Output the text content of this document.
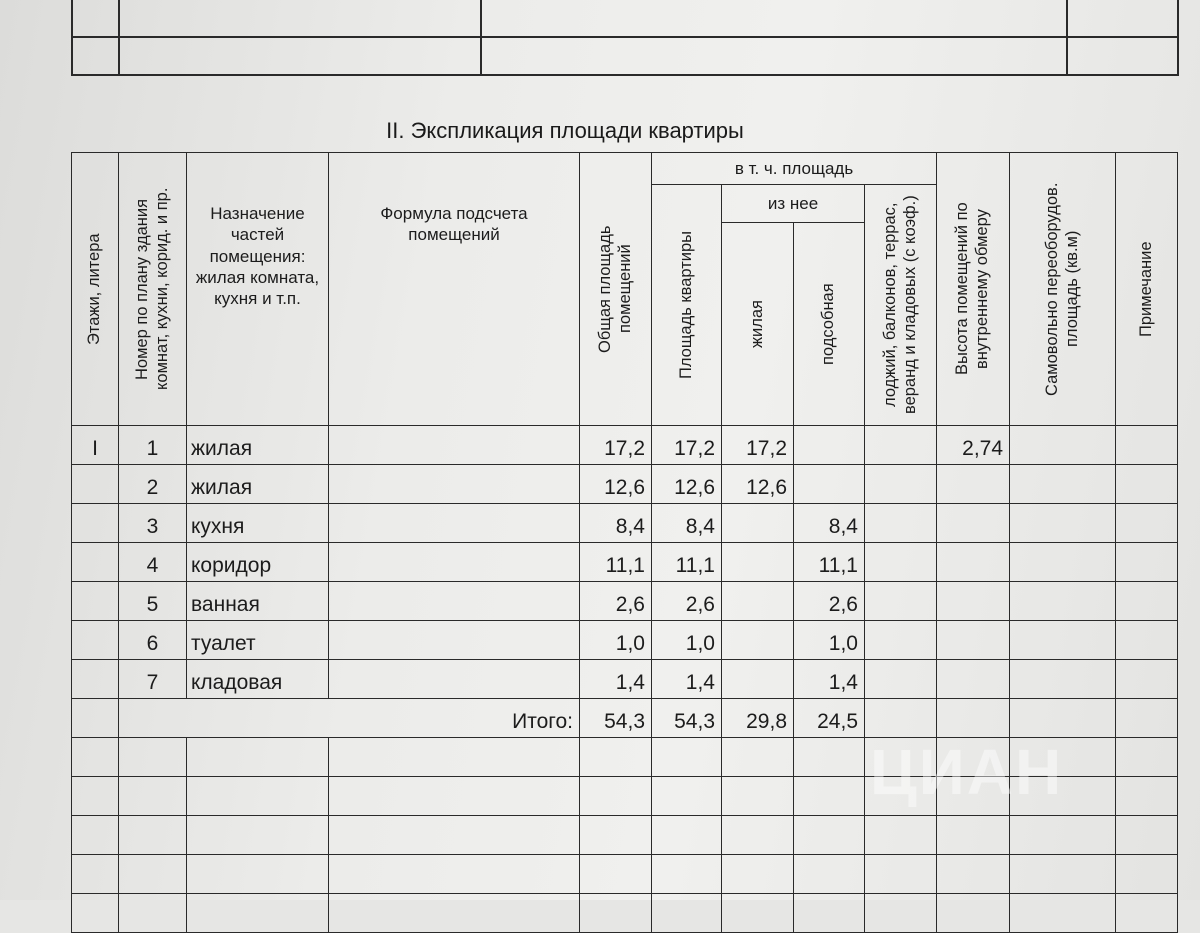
II. Экспликация площади квартиры
Этажи, литера	Номер по плану здания комнат, кухни, корид. и пр.	Назначение частей помещения: жилая комната, кухня и т.п.	Формула подсчета помещений	Общая площадь помещений	в т. ч. площадь				Высота помещений по внутреннему обмеру	Самовольно переоборудов. площадь (кв.м)	Примечание

					Площадь квартиры	из нее		лоджий, балконов, террас, веранд и кладовых (с коэф.)			

						жилая	подсобная				

I	1	жилая		17,2	17,2	17,2			2,74		
	2	жилая		12,6	12,6	12,6					
	3	кухня		8,4	8,4		8,4				
	4	коридор		11,1	11,1		11,1				
	5	ванная		2,6	2,6		2,6				
	6	туалет		1,0	1,0		1,0				
	7	кладовая		1,4	1,4		1,4				
	Итого:			54,3	54,3	29,8	24,5				

ЦИАН
